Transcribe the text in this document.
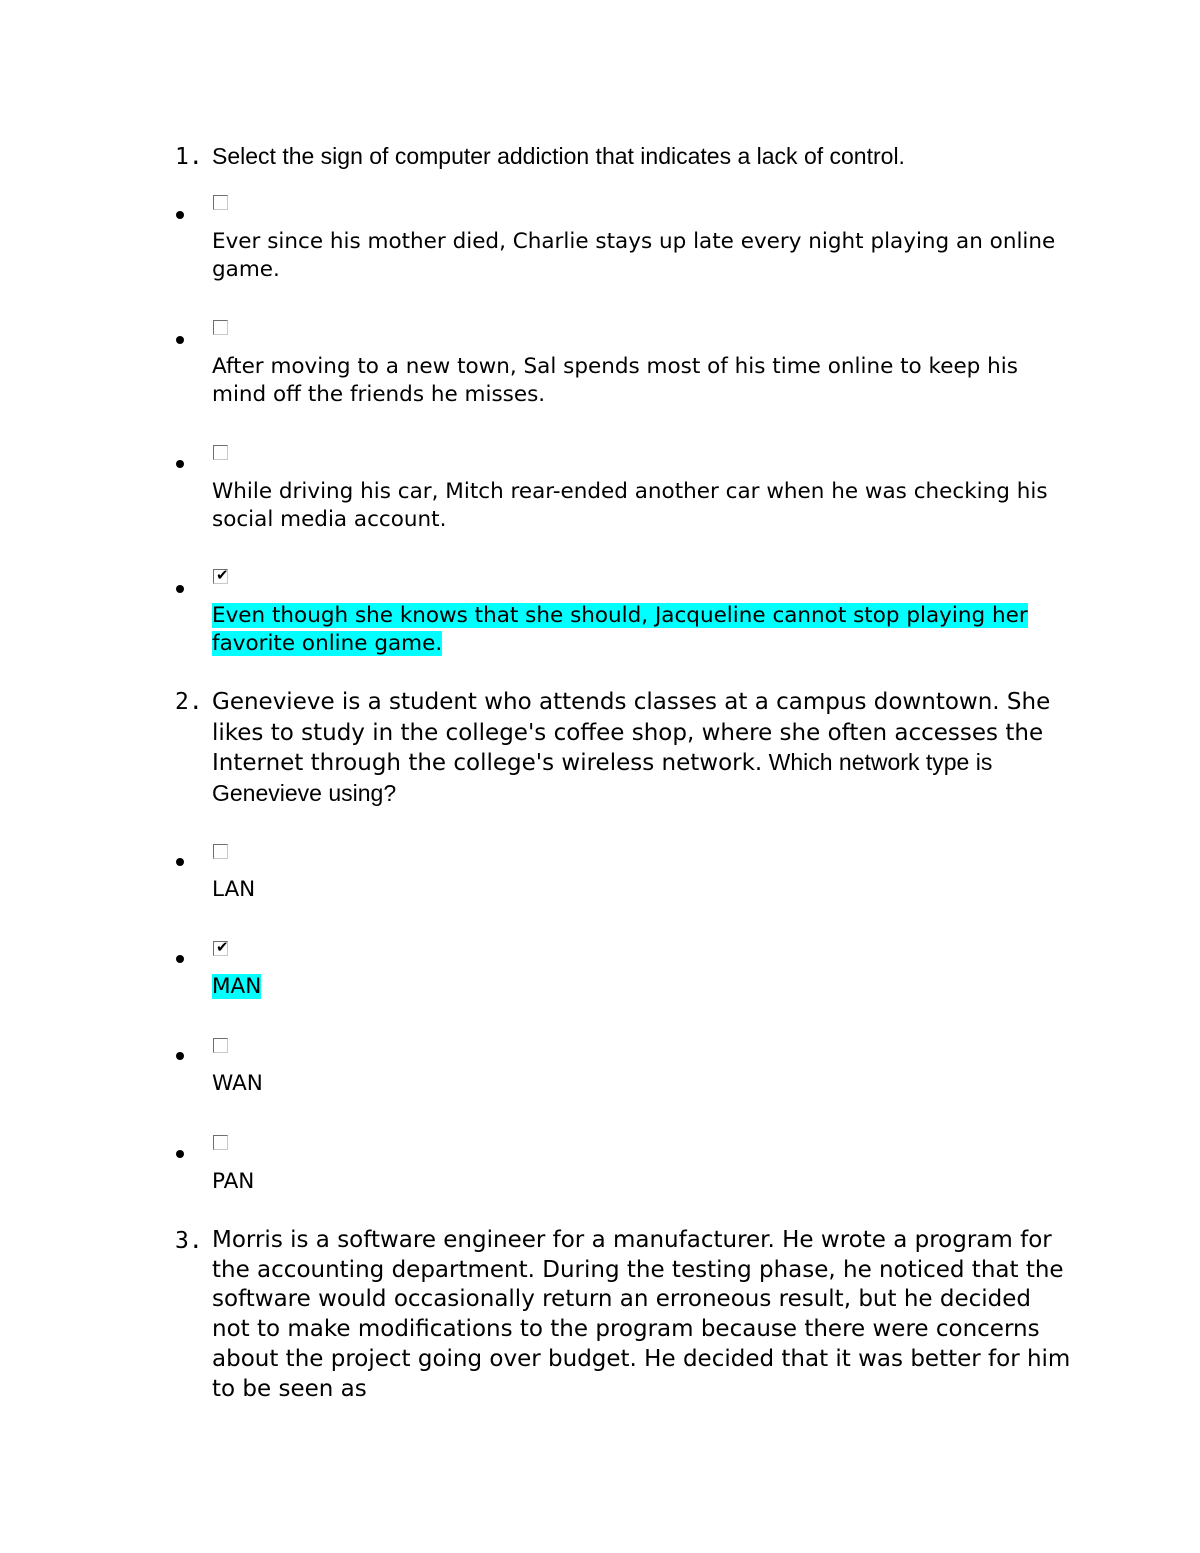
1. Select the sign of computer addiction that indicates a lack of control.
Ever since his mother died, Charlie stays up late every night playing an online game.
After moving to a new town, Sal spends most of his time online to keep his mind off the friends he misses.
While driving his car, Mitch rear-ended another car when he was checking his social media account.
✔
Even though she knows that she should, Jacqueline cannot stop playing her favorite online game.
2. Genevieve is a student who attends classes at a campus downtown. She likes to study in the college's coffee shop, where she often accesses the Internet through the college's wireless network. Which network type is Genevieve using?
LAN
✔
MAN
WAN
PAN
3. Morris is a software engineer for a manufacturer. He wrote a program for the accounting department. During the testing phase, he noticed that the software would occasionally return an erroneous result, but he decided not to make modifications to the program because there were concerns about the project going over budget. He decided that it was better for him to be seen as
